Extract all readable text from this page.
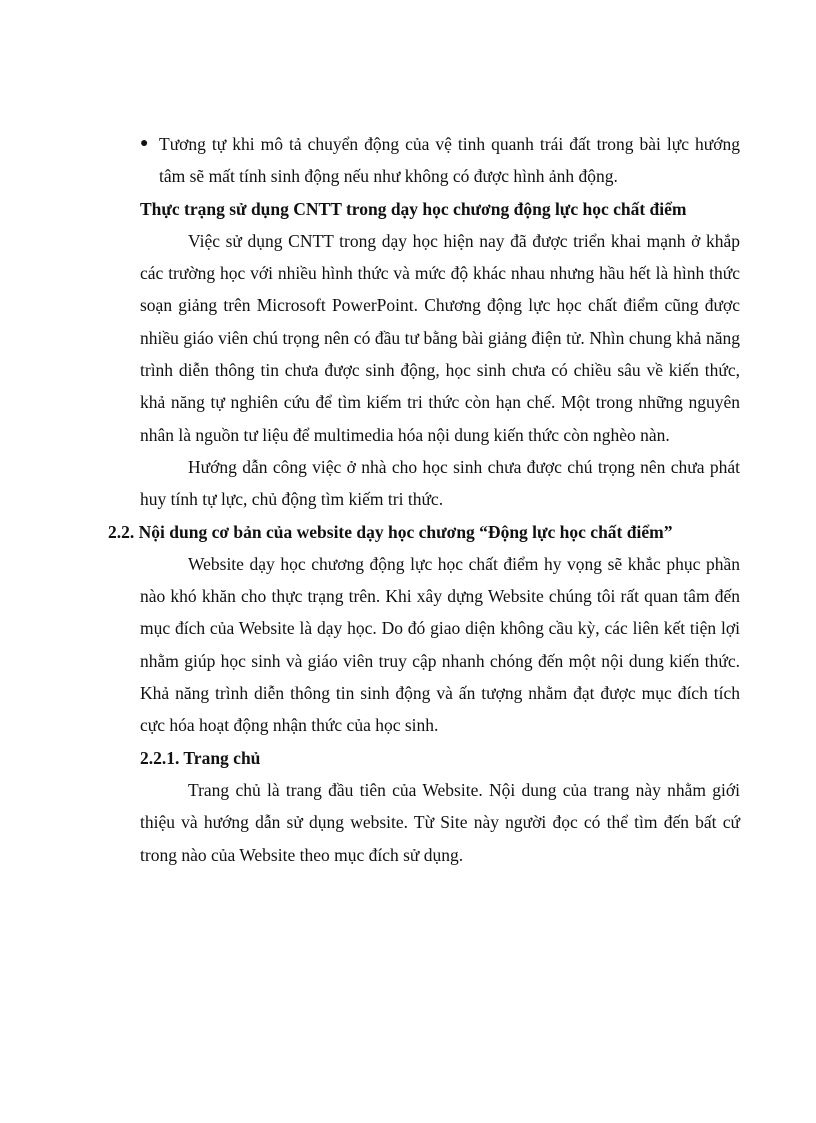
● Tương tự khi mô tả chuyển động của vệ tinh quanh trái đất trong bài lực hướng tâm sẽ mất tính sinh động nếu như không có được hình ảnh động.
Thực trạng sử dụng CNTT trong dạy học chương động lực học chất điểm

Việc sử dụng CNTT trong dạy học hiện nay đã được triển khai mạnh ở khắp các trường học với nhiều hình thức và mức độ khác nhau nhưng hầu hết là hình thức soạn giảng trên Microsoft PowerPoint. Chương động lực học chất điểm cũng được nhiều giáo viên chú trọng nên có đầu tư bằng bài giảng điện tử. Nhìn chung khả năng trình diễn thông tin chưa được sinh động, học sinh chưa có chiều sâu về kiến thức, khả năng tự nghiên cứu để tìm kiếm tri thức còn hạn chế. Một trong những nguyên nhân là nguồn tư liệu để multimedia hóa nội dung kiến thức còn nghèo nàn.

Hướng dẫn công việc ở nhà cho học sinh chưa được chú trọng nên chưa phát huy tính tự lực, chủ động tìm kiếm tri thức.

2.2. Nội dung cơ bản của website dạy học chương “Động lực học chất điểm”

Website dạy học chương động lực học chất điểm hy vọng sẽ khắc phục phần nào khó khăn cho thực trạng trên. Khi xây dựng Website chúng tôi rất quan tâm đến mục đích của Website là dạy học. Do đó giao diện không cầu kỳ, các liên kết tiện lợi nhằm giúp học sinh và giáo viên truy cập nhanh chóng đến một nội dung kiến thức. Khả năng trình diễn thông tin sinh động và ấn tượng nhằm đạt được mục đích tích cực hóa hoạt động nhận thức của học sinh.

2.2.1. Trang chủ

Trang chủ là trang đầu tiên của Website. Nội dung của trang này nhằm giới thiệu và hướng dẫn sử dụng website. Từ Site này người đọc có thể tìm đến bất cứ trong nào của Website theo mục đích sử dụng.
